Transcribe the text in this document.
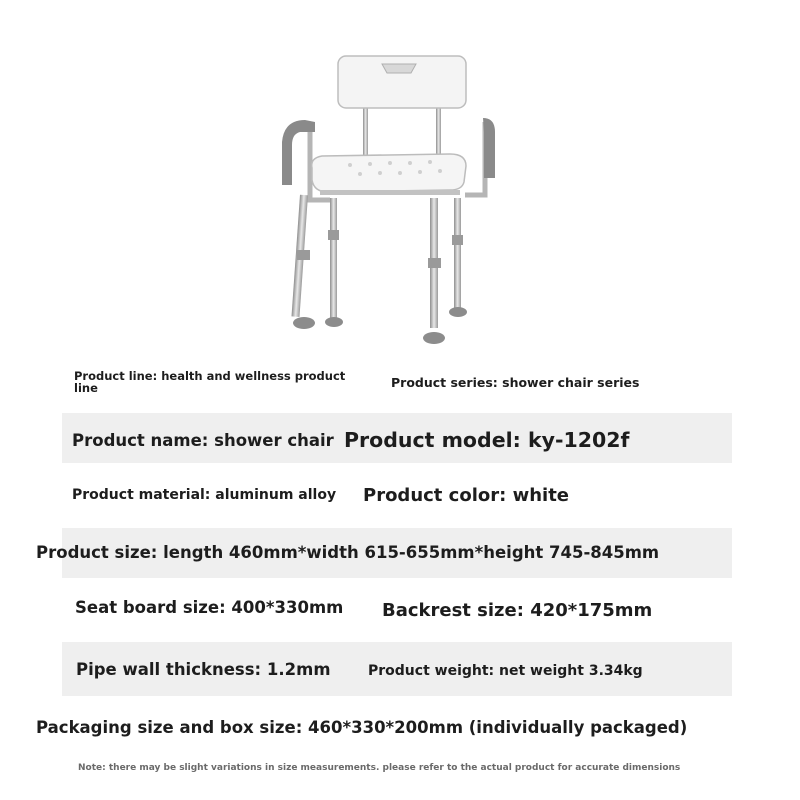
Product line: health and wellness product line	Product series: shower chair series
Product name: shower chair Product model: ky-1202f
Product material: aluminum alloy Product color: white
Product size: length 460mm*width 615-655mm*height 745-845mm
Seat board size: 400*330mm Backrest size: 420*175mm
Pipe wall thickness: 1.2mm	Product weight: net weight 3.34kg
Packaging size and box size: 460*330*200mm (individually packaged)
Note: there may be slight variations in size measurements. please refer to the actual product for accurate dimensions
